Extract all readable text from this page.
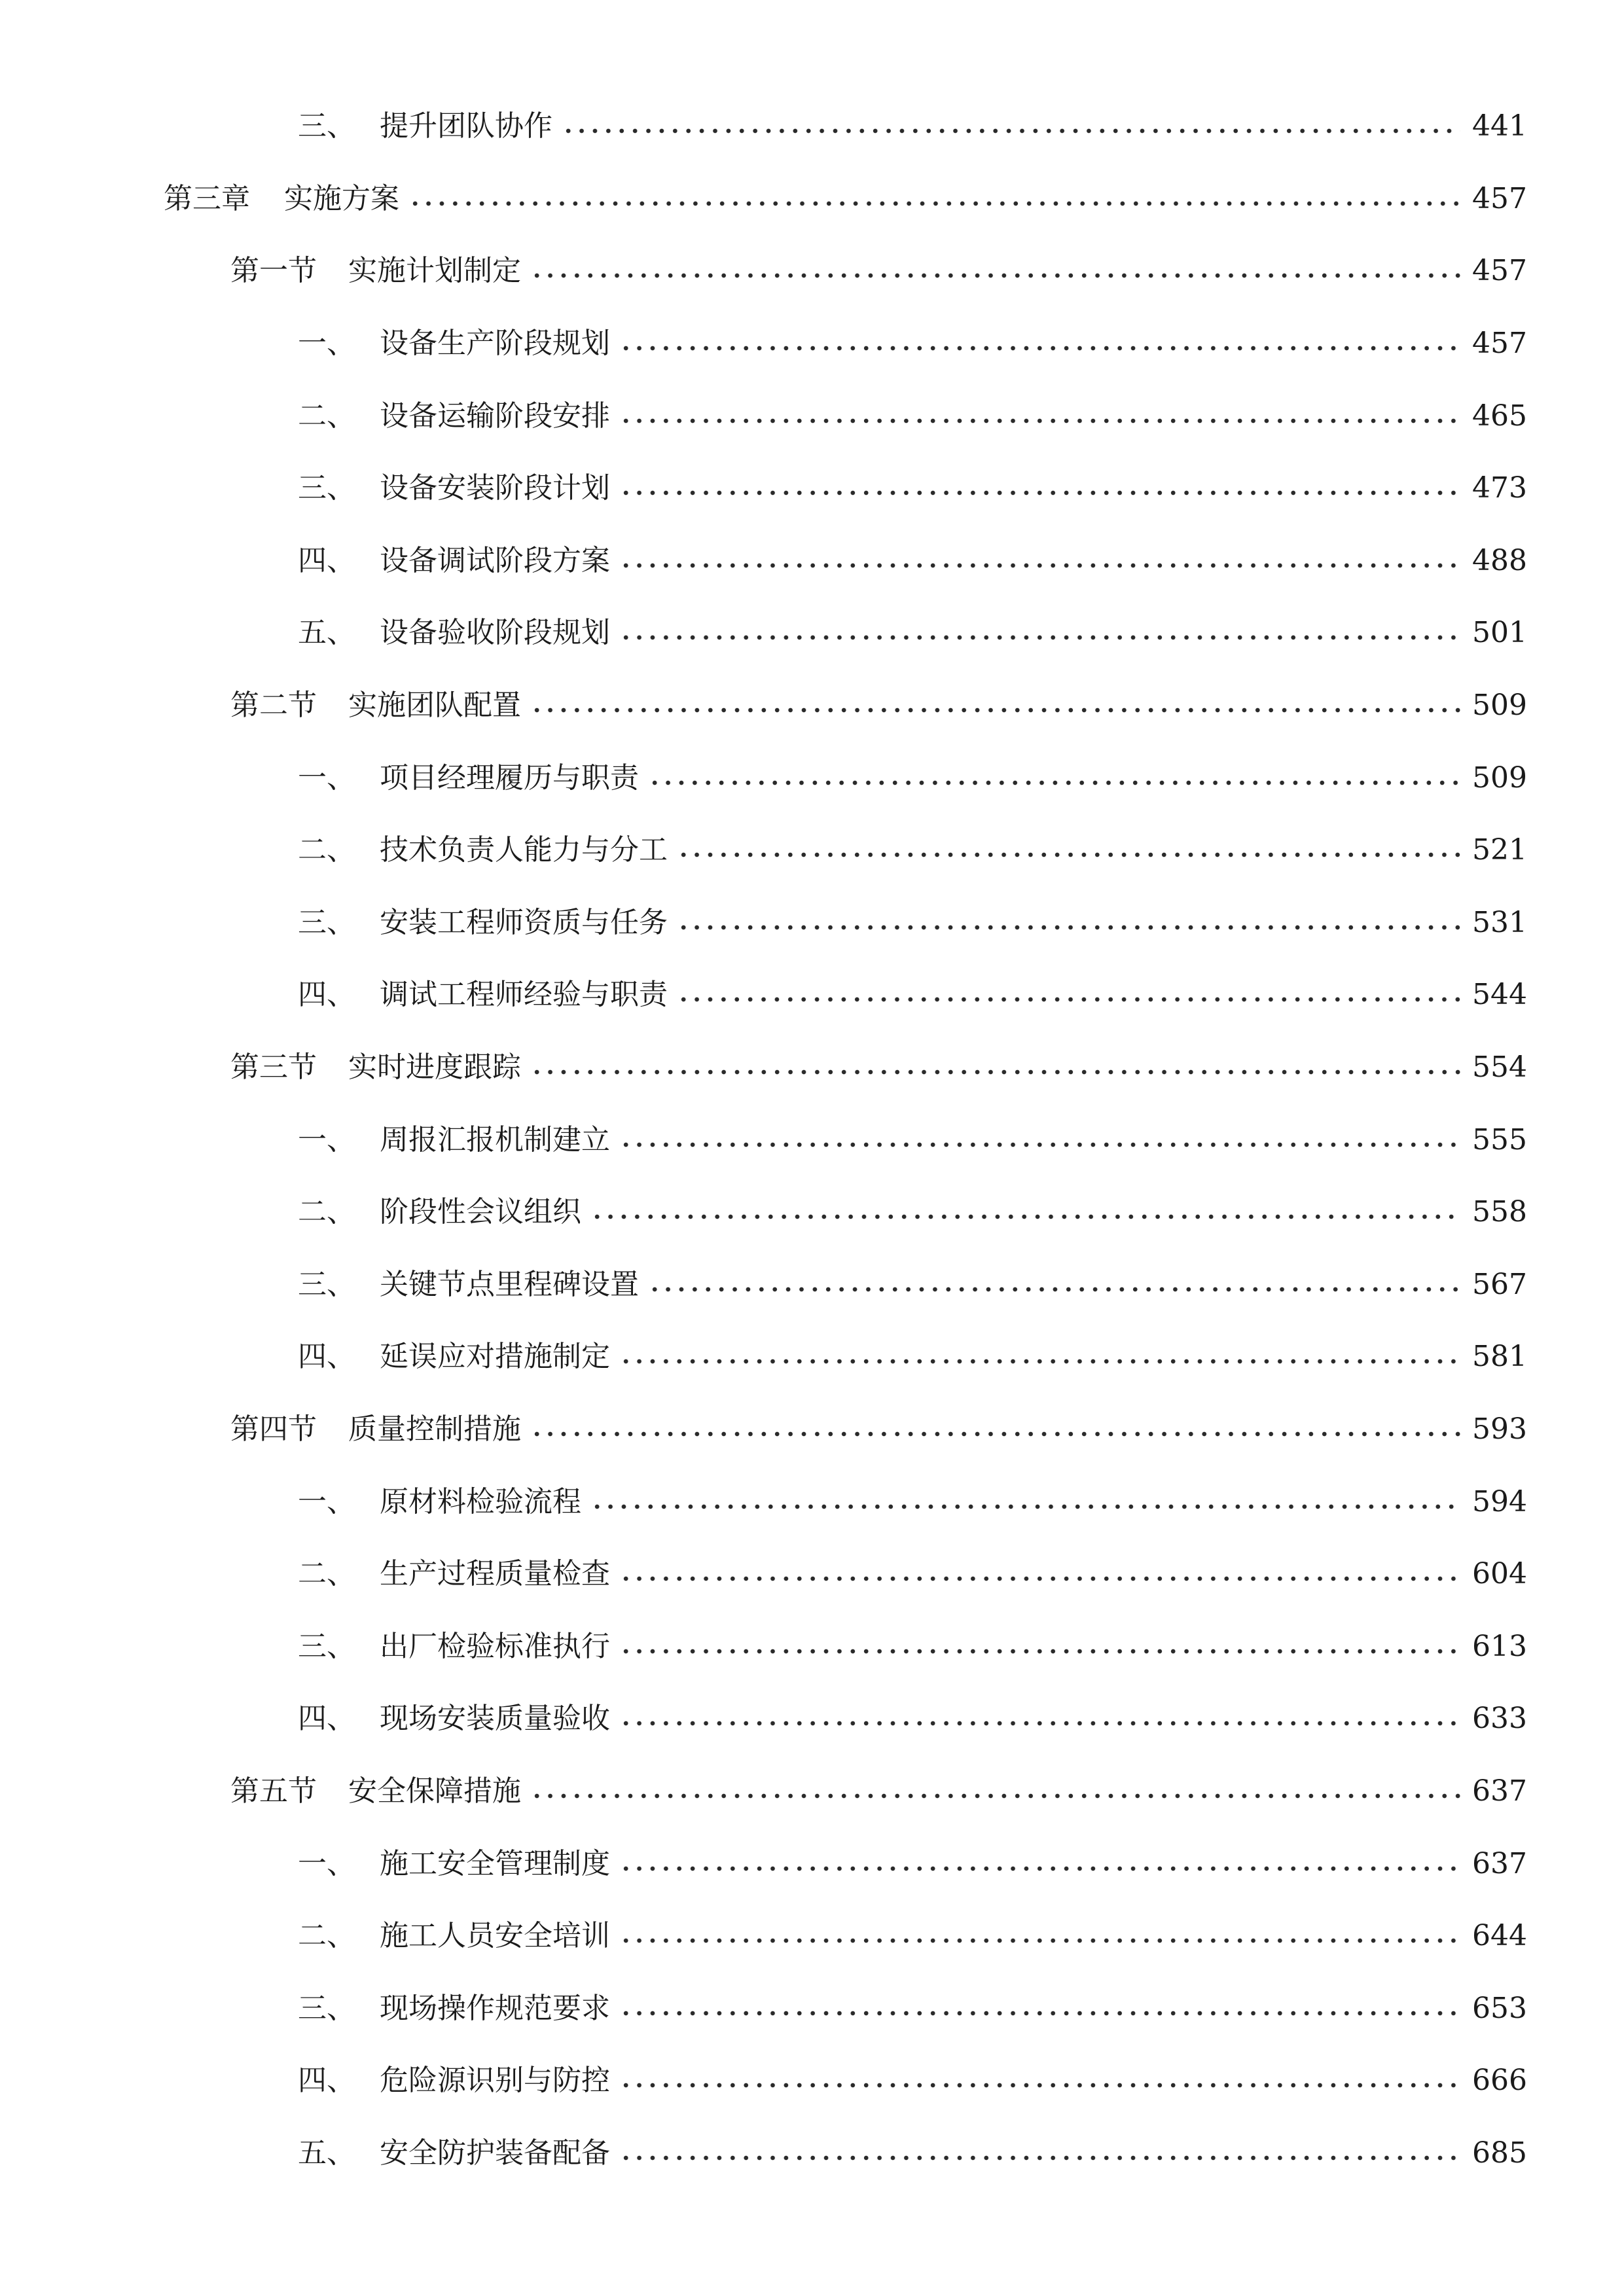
三、 提升团队协作	441
第三章	实施方案	457
第一节	实施计划制定	457
一、 设备生产阶段规划	457
二、 设备运输阶段安排	465
三、 设备安装阶段计划	473
四、 设备调试阶段方案	488
五、 设备验收阶段规划	501
第二节	实施团队配置	509
一、 项目经理履历与职责	509
二、 技术负责人能力与分工	521
三、 安装工程师资质与任务	531
四、 调试工程师经验与职责	544
第三节	实时进度跟踪	554
一、 周报汇报机制建立	555
二、 阶段性会议组织	558
三、 关键节点里程碑设置	567
四、 延误应对措施制定	581
第四节	质量控制措施	593
一、 原材料检验流程	594
二、 生产过程质量检查	604
三、 出厂检验标准执行	613
四、 现场安装质量验收	633
第五节	安全保障措施	637
一、 施工安全管理制度	637
二、 施工人员安全培训	644
三、 现场操作规范要求	653
四、 危险源识别与防控	666
五、 安全防护装备配备	685
